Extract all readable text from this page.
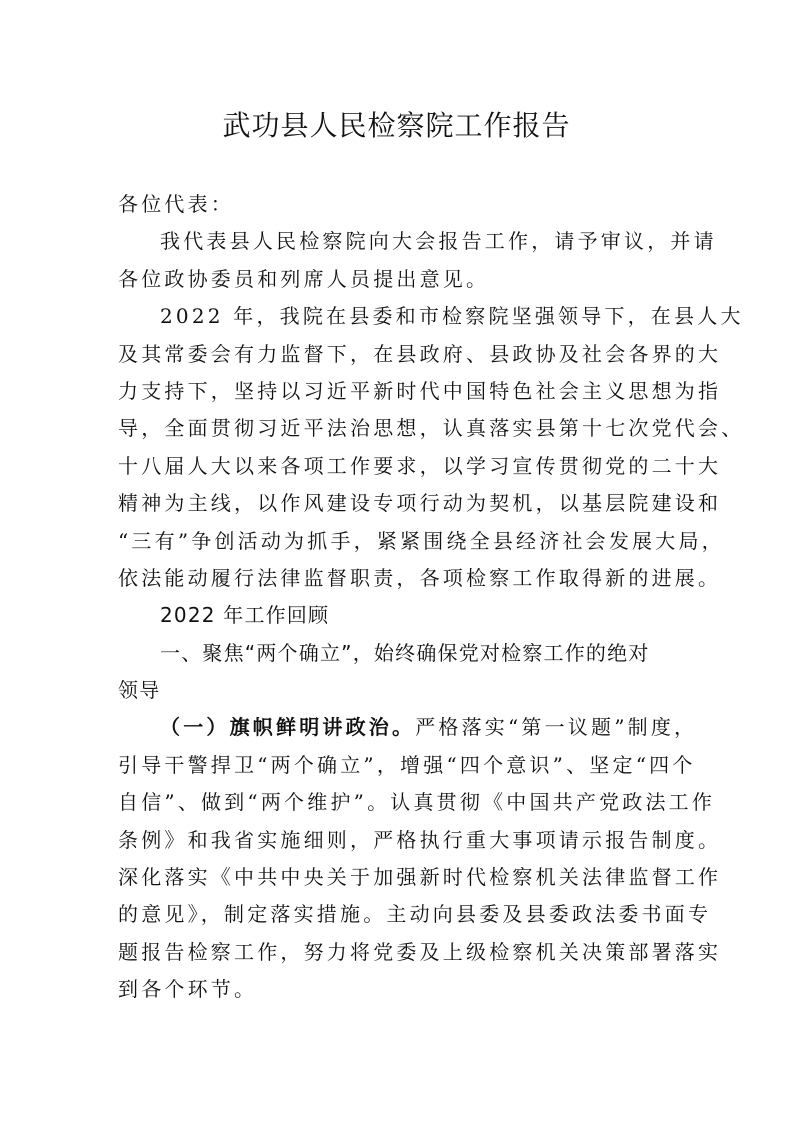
武功县人民检察院工作报告
各位代表：
我代表县人民检察院向大会报告工作，请予审议，并请
各位政协委员和列席人员提出意见。
2022 年，我院在县委和市检察院坚强领导下，在县人大
及其常委会有力监督下，在县政府、县政协及社会各界的大
力支持下，坚持以习近平新时代中国特色社会主义思想为指
导，全面贯彻习近平法治思想，认真落实县第十七次党代会、
十八届人大以来各项工作要求，以学习宣传贯彻党的二十大
精神为主线，以作风建设专项行动为契机，以基层院建设和
“三有”争创活动为抓手，紧紧围绕全县经济社会发展大局，
依法能动履行法律监督职责，各项检察工作取得新的进展。
2022 年工作回顾
一、聚焦“两个确立”，始终确保党对检察工作的绝对
领导
（一）旗帜鲜明讲政治。严格落实“第一议题”制度，
引导干警捍卫“两个确立”，增强“四个意识”、坚定“四个
自信”、做到“两个维护”。认真贯彻《中国共产党政法工作
条例》和我省实施细则，严格执行重大事项请示报告制度。
深化落实《中共中央关于加强新时代检察机关法律监督工作
的意见》，制定落实措施。主动向县委及县委政法委书面专
题报告检察工作，努力将党委及上级检察机关决策部署落实
到各个环节。
